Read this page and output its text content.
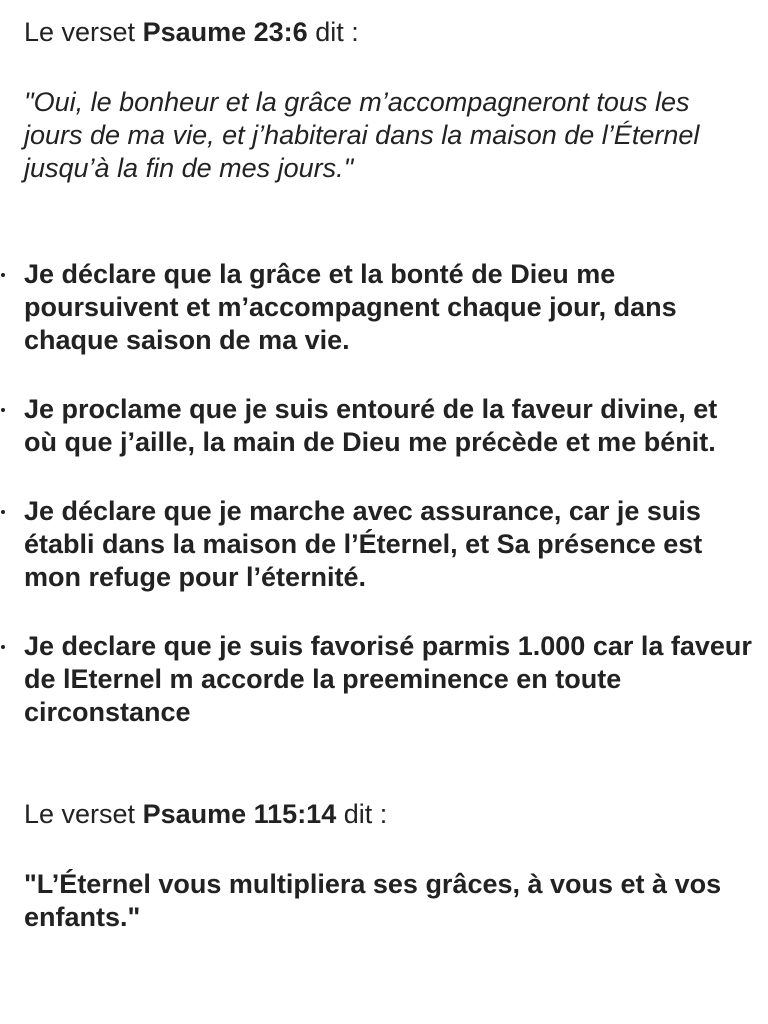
Le verset Psaume 23:6 dit :

"Oui, le bonheur et la grâce m’accompagneront tous les jours de ma vie, et j’habiterai dans la maison de l’Éternel jusqu’à la fin de mes jours."

Je déclare que la grâce et la bonté de Dieu me poursuivent et m’accompagnent chaque jour, dans chaque saison de ma vie.
Je proclame que je suis entouré de la faveur divine, et où que j’aille, la main de Dieu me précède et me bénit.
Je déclare que je marche avec assurance, car je suis établi dans la maison de l’Éternel, et Sa présence est mon refuge pour l’éternité.
Je declare que je suis favorisé parmis 1.000 car la faveur de lEternel m accorde la preeminence en toute circonstance

Le verset Psaume 115:14 dit :

"L’Éternel vous multipliera ses grâces, à vous et à vos enfants."
